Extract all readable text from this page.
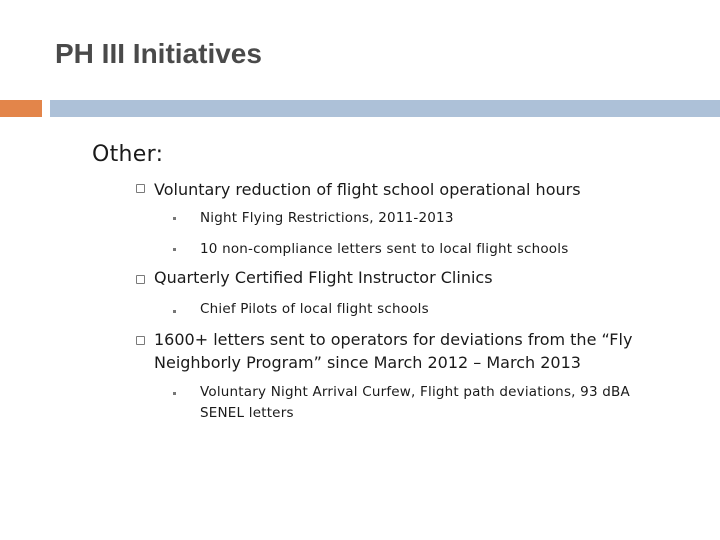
PH III Initiatives
Other:
Voluntary reduction of flight school operational hours
Night Flying Restrictions, 2011-2013
10 non-compliance letters sent to local flight schools
Quarterly Certified Flight Instructor Clinics
Chief Pilots of local flight schools
1600+ letters sent to operators for deviations from the “Fly
Neighborly Program” since March 2012 – March 2013
Voluntary Night Arrival Curfew, Flight path deviations, 93 dBA
SENEL letters
